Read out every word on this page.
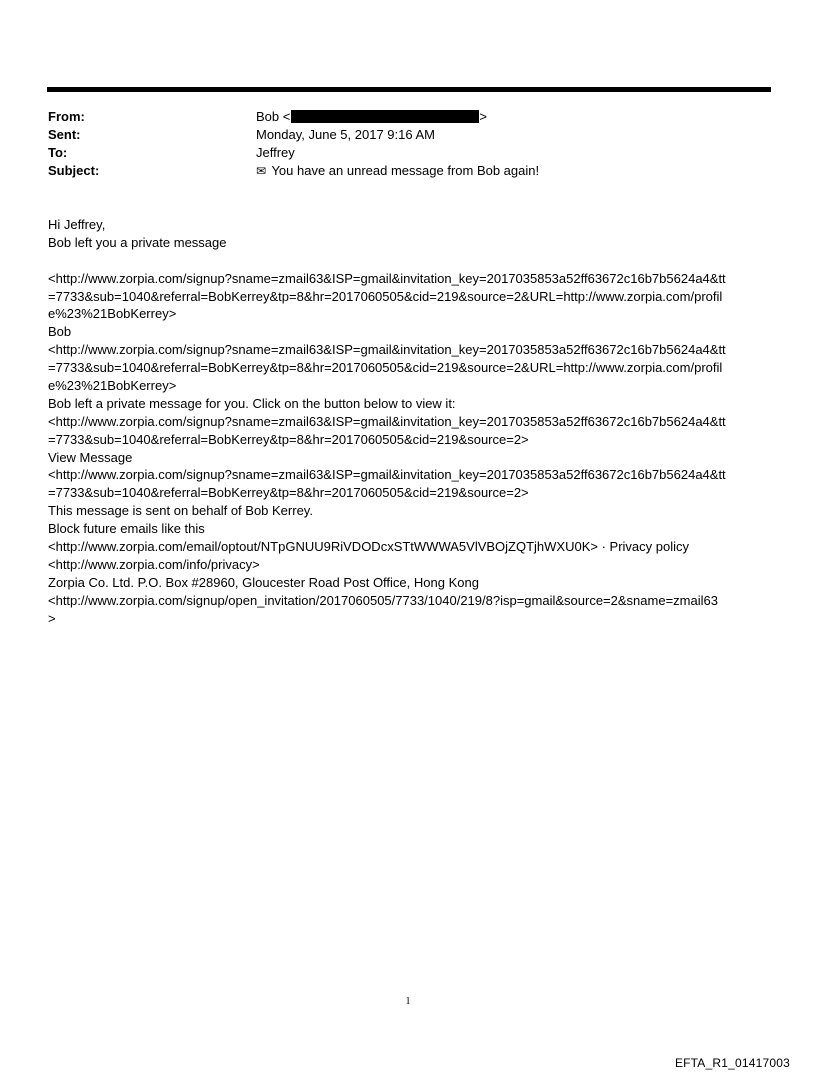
From:	Bob <	>
Sent:	Monday, June 5, 2017 9:16 AM
To:	Jeffrey
Subject:	✉ You have an unread message from Bob again!
Hi Jeffrey,
Bob left you a private message
<http://www.zorpia.com/signup?sname=zmail63&ISP=gmail&invitation_key=2017035853a52ff63672c16b7b5624a4&tt
=7733&sub=1040&referral=BobKerrey&tp=8&hr=2017060505&cid=219&source=2&URL=http://www.zorpia.com/profil
e%23%21BobKerrey>
Bob
<http://www.zorpia.com/signup?sname=zmail63&ISP=gmail&invitation_key=2017035853a52ff63672c16b7b5624a4&tt
=7733&sub=1040&referral=BobKerrey&tp=8&hr=2017060505&cid=219&source=2&URL=http://www.zorpia.com/profil
e%23%21BobKerrey>
Bob left a private message for you. Click on the button below to view it:
<http://www.zorpia.com/signup?sname=zmail63&ISP=gmail&invitation_key=2017035853a52ff63672c16b7b5624a4&tt
=7733&sub=1040&referral=BobKerrey&tp=8&hr=2017060505&cid=219&source=2>
View Message
<http://www.zorpia.com/signup?sname=zmail63&ISP=gmail&invitation_key=2017035853a52ff63672c16b7b5624a4&tt
=7733&sub=1040&referral=BobKerrey&tp=8&hr=2017060505&cid=219&source=2>
This message is sent on behalf of Bob Kerrey.
Block future emails like this
<http://www.zorpia.com/email/optout/NTpGNUU9RiVDODcxSTtWWWA5VlVBOjZQTjhWXU0K> · Privacy policy
<http://www.zorpia.com/info/privacy>
Zorpia Co. Ltd. P.O. Box #28960, Gloucester Road Post Office, Hong Kong
<http://www.zorpia.com/signup/open_invitation/2017060505/7733/1040/219/8?isp=gmail&source=2&sname=zmail63
>
1
EFTA_R1_01417003
